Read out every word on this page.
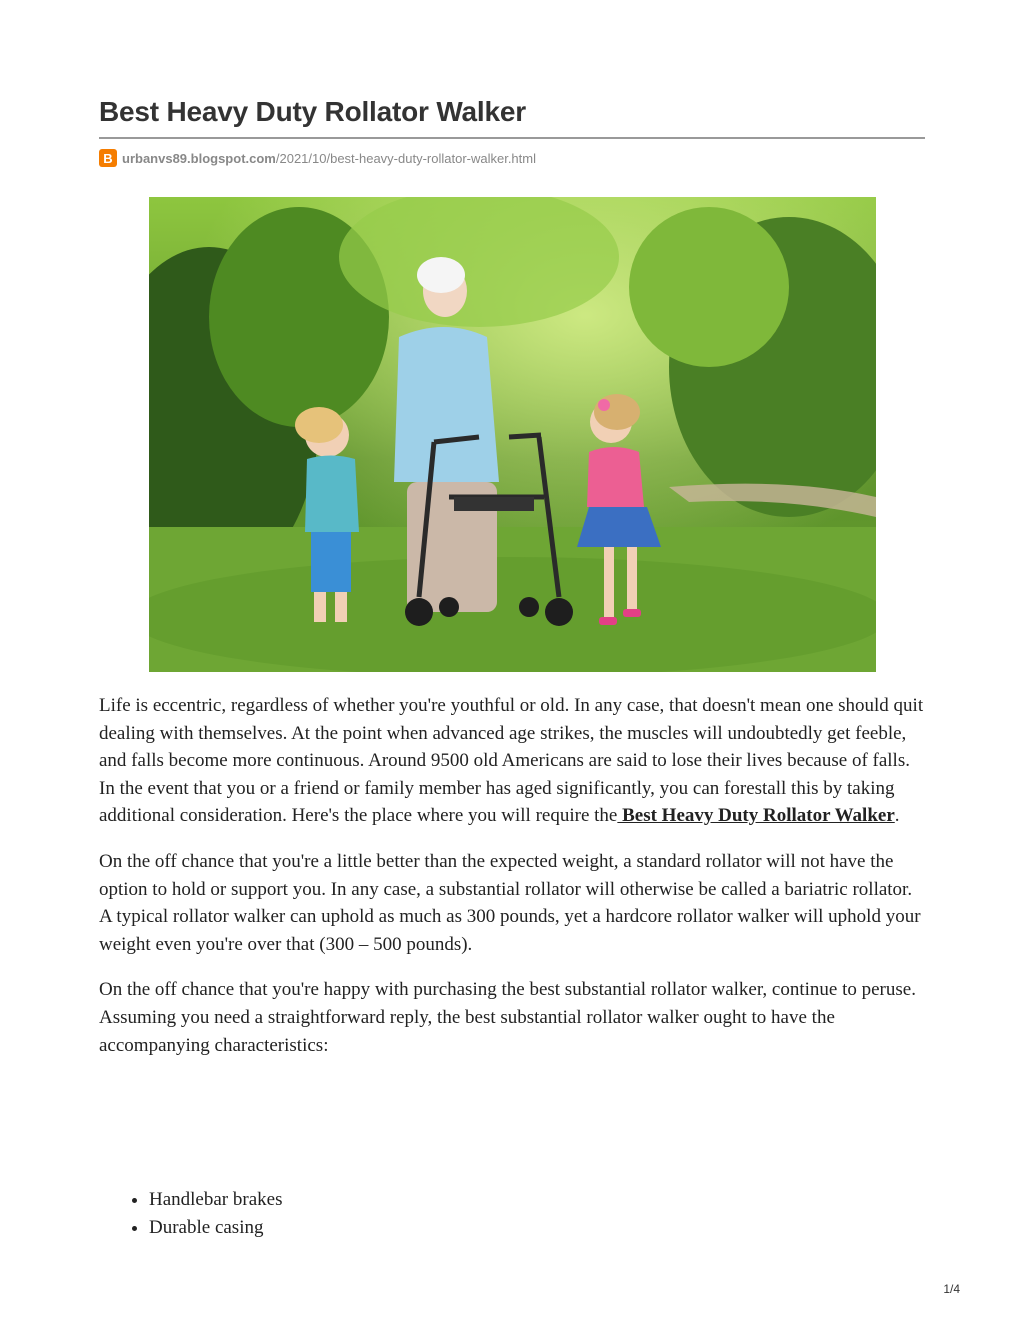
Best Heavy Duty Rollator Walker
B urbanvs89.blogspot.com/2021/10/best-heavy-duty-rollator-walker.html

Life is eccentric, regardless of whether you're youthful or old. In any case, that doesn't mean one should quit dealing with themselves. At the point when advanced age strikes, the muscles will undoubtedly get feeble, and falls become more continuous. Around 9500 old Americans are said to lose their lives because of falls. In the event that you or a friend or family member has aged significantly, you can forestall this by taking additional consideration. Here's the place where you will require the Best Heavy Duty Rollator Walker.

On the off chance that you're a little better than the expected weight, a standard rollator will not have the option to hold or support you. In any case, a substantial rollator will otherwise be called a bariatric rollator. A typical rollator walker can uphold as much as 300 pounds, yet a hardcore rollator walker will uphold your weight even you're over that (300 – 500 pounds).

On the off chance that you're happy with purchasing the best substantial rollator walker, continue to peruse. Assuming you need a straightforward reply, the best substantial rollator walker ought to have the accompanying characteristics:

• Handlebar brakes
• Durable casing
1/4
